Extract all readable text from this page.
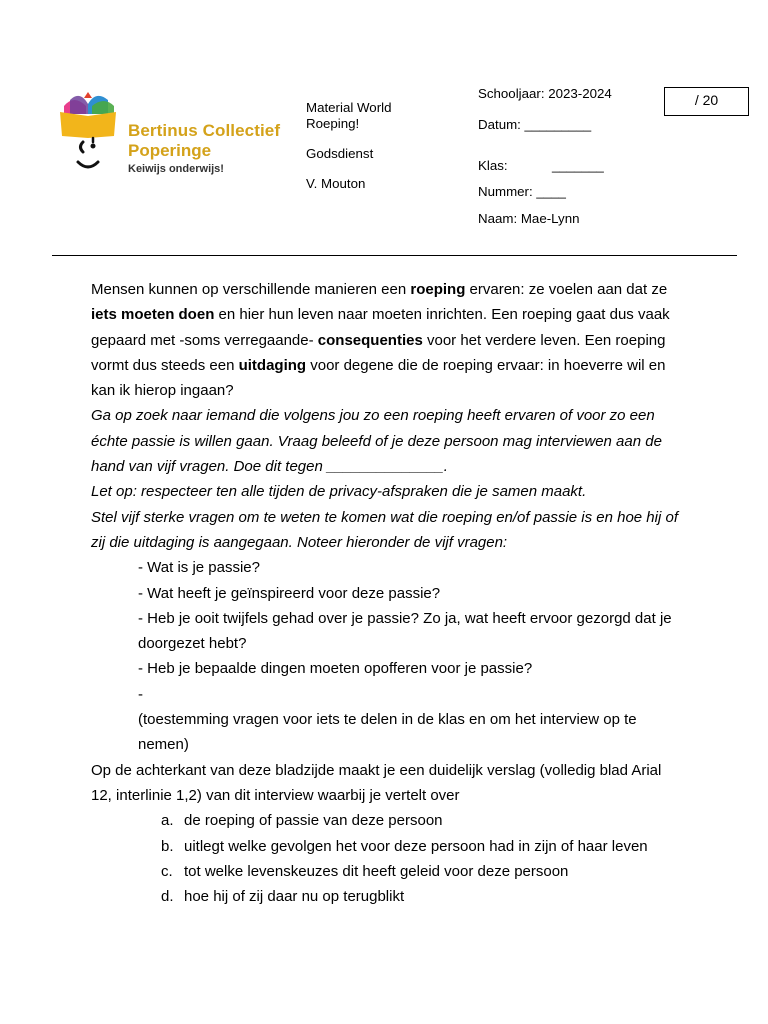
Bertinus Collectief
Poperinge
Keiwijs onderwijs!
Material World
Roeping!
Godsdienst
V. Mouton
Schooljaar: 2023-2024
Datum: _________
Klas:	_______
Nummer: ____
Naam: Mae-Lynn
/ 20

Mensen kunnen op verschillende manieren een roeping ervaren: ze voelen aan dat ze iets moeten doen en hier hun leven naar moeten inrichten. Een roeping gaat dus vaak gepaard met -soms verregaande- consequenties voor het verdere leven. Een roeping vormt dus steeds een uitdaging voor degene die de roeping ervaar: in hoeverre wil en kan ik hierop ingaan?

Ga op zoek naar iemand die volgens jou zo een roeping heeft ervaren of voor zo een échte passie is willen gaan. Vraag beleefd of je deze persoon mag interviewen aan de hand van vijf vragen. Doe dit tegen ______________.

Let op: respecteer ten alle tijden de privacy-afspraken die je samen maakt.

Stel vijf sterke vragen om te weten te komen wat die roeping en/of passie is en hoe hij of zij die uitdaging is aangegaan. Noteer hieronder de vijf vragen:

- Wat is je passie?

- Wat heeft je geïnspireerd voor deze passie?

- Heb je ooit twijfels gehad over je passie? Zo ja, wat heeft ervoor gezorgd dat je doorgezet hebt?

- Heb je bepaalde dingen moeten opofferen voor je passie?

-

(toestemming vragen voor iets te delen in de klas en om het interview op te nemen)

Op de achterkant van deze bladzijde maakt je een duidelijk verslag (volledig blad Arial 12, interlinie 1,2) van dit interview waarbij je vertelt over

a. de roeping of passie van deze persoon
b. uitlegt welke gevolgen het voor deze persoon had in zijn of haar leven
c. tot welke levenskeuzes dit heeft geleid voor deze persoon
d. hoe hij of zij daar nu op terugblikt
